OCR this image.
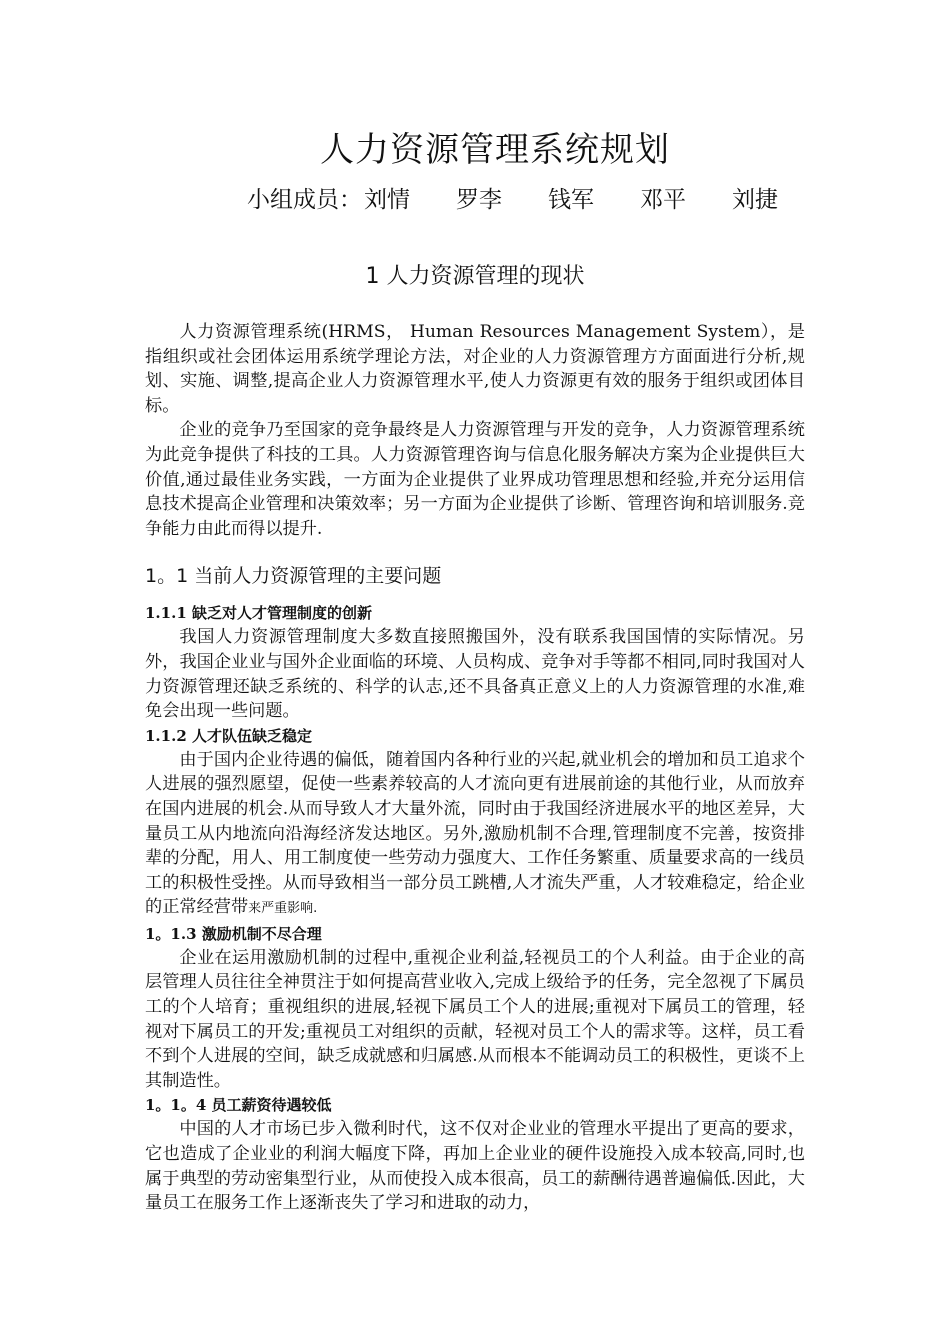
人力资源管理系统规划
小组成员： 刘情 罗李 钱军 邓平 刘捷
1 人力资源管理的现状

人力资源管理系统(HRMS， Human Resources Management System），是指组织或社会团体运用系统学理论方法，对企业的人力资源管理方方面面进行分析,规划、实施、调整,提高企业人力资源管理水平,使人力资源更有效的服务于组织或团体目标。

企业的竞争乃至国家的竞争最终是人力资源管理与开发的竞争，人力资源管理系统为此竞争提供了科技的工具。人力资源管理咨询与信息化服务解决方案为企业提供巨大价值,通过最佳业务实践，一方面为企业提供了业界成功管理思想和经验,并充分运用信息技术提高企业管理和决策效率；另一方面为企业提供了诊断、管理咨询和培训服务.竞争能力由此而得以提升.

1。1 当前人力资源管理的主要问题
1.1.1 缺乏对人才管理制度的创新

我国人力资源管理制度大多数直接照搬国外，没有联系我国国情的实际情况。另外，我国企业业与国外企业面临的环境、人员构成、竞争对手等都不相同,同时我国对人力资源管理还缺乏系统的、科学的认志,还不具备真正意义上的人力资源管理的水准,难免会出现一些问题。

1.1.2 人才队伍缺乏稳定

由于国内企业待遇的偏低，随着国内各种行业的兴起,就业机会的增加和员工追求个人进展的强烈愿望，促使一些素养较高的人才流向更有进展前途的其他行业，从而放弃在国内进展的机会.从而导致人才大量外流，同时由于我国经济进展水平的地区差异，大量员工从内地流向沿海经济发达地区。另外,激励机制不合理,管理制度不完善，按资排辈的分配，用人、用工制度使一些劳动力强度大、工作任务繁重、质量要求高的一线员工的积极性受挫。从而导致相当一部分员工跳槽,人才流失严重，人才较难稳定，给企业的正常经营带来严重影响.

1。1.3 激励机制不尽合理

企业在运用激励机制的过程中,重视企业利益,轻视员工的个人利益。由于企业的高层管理人员往往全神贯注于如何提高营业收入,完成上级给予的任务，完全忽视了下属员工的个人培育；重视组织的进展,轻视下属员工个人的进展;重视对下属员工的管理，轻视对下属员工的开发;重视员工对组织的贡献，轻视对员工个人的需求等。这样，员工看不到个人进展的空间，缺乏成就感和归属感.从而根本不能调动员工的积极性，更谈不上其制造性。

1。1。4 员工薪资待遇较低

中国的人才市场已步入微利时代，这不仅对企业业的管理水平提出了更高的要求，它也造成了企业业的利润大幅度下降，再加上企业业的硬件设施投入成本较高,同时,也属于典型的劳动密集型行业，从而使投入成本很高，员工的薪酬待遇普遍偏低.因此，大量员工在服务工作上逐渐丧失了学习和进取的动力，
